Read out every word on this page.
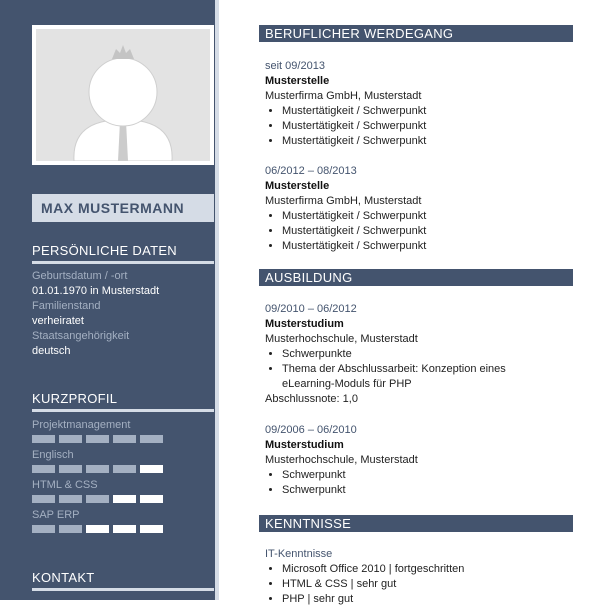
MAX MUSTERMANN
PERSÖNLICHE DATEN
Geburtsdatum / -ort
01.01.1970 in Musterstadt
Familienstand
verheiratet
Staatsangehörigkeit
deutsch
KURZPROFIL
Projektmanagement
Englisch
HTML & CSS
SAP ERP
KONTAKT
BERUFLICHER WERDEGANG
seit 09/2013
Musterstelle
Musterfirma GmbH, Musterstadt
• Mustertätigkeit / Schwerpunkt
• Mustertätigkeit / Schwerpunkt
• Mustertätigkeit / Schwerpunkt
06/2012 – 08/2013
Musterstelle
Musterfirma GmbH, Musterstadt
• Mustertätigkeit / Schwerpunkt
• Mustertätigkeit / Schwerpunkt
• Mustertätigkeit / Schwerpunkt
AUSBILDUNG
09/2010 – 06/2012
Musterstudium
Musterhochschule, Musterstadt
• Schwerpunkte
• Thema der Abschlussarbeit: Konzeption eines eLearning-Moduls für PHP
Abschlussnote: 1,0
09/2006 – 06/2010
Musterstudium
Musterhochschule, Musterstadt
• Schwerpunkt
• Schwerpunkt
KENNTNISSE
IT-Kenntnisse
• Microsoft Office 2010 | fortgeschritten
• HTML & CSS | sehr gut
• PHP | sehr gut
